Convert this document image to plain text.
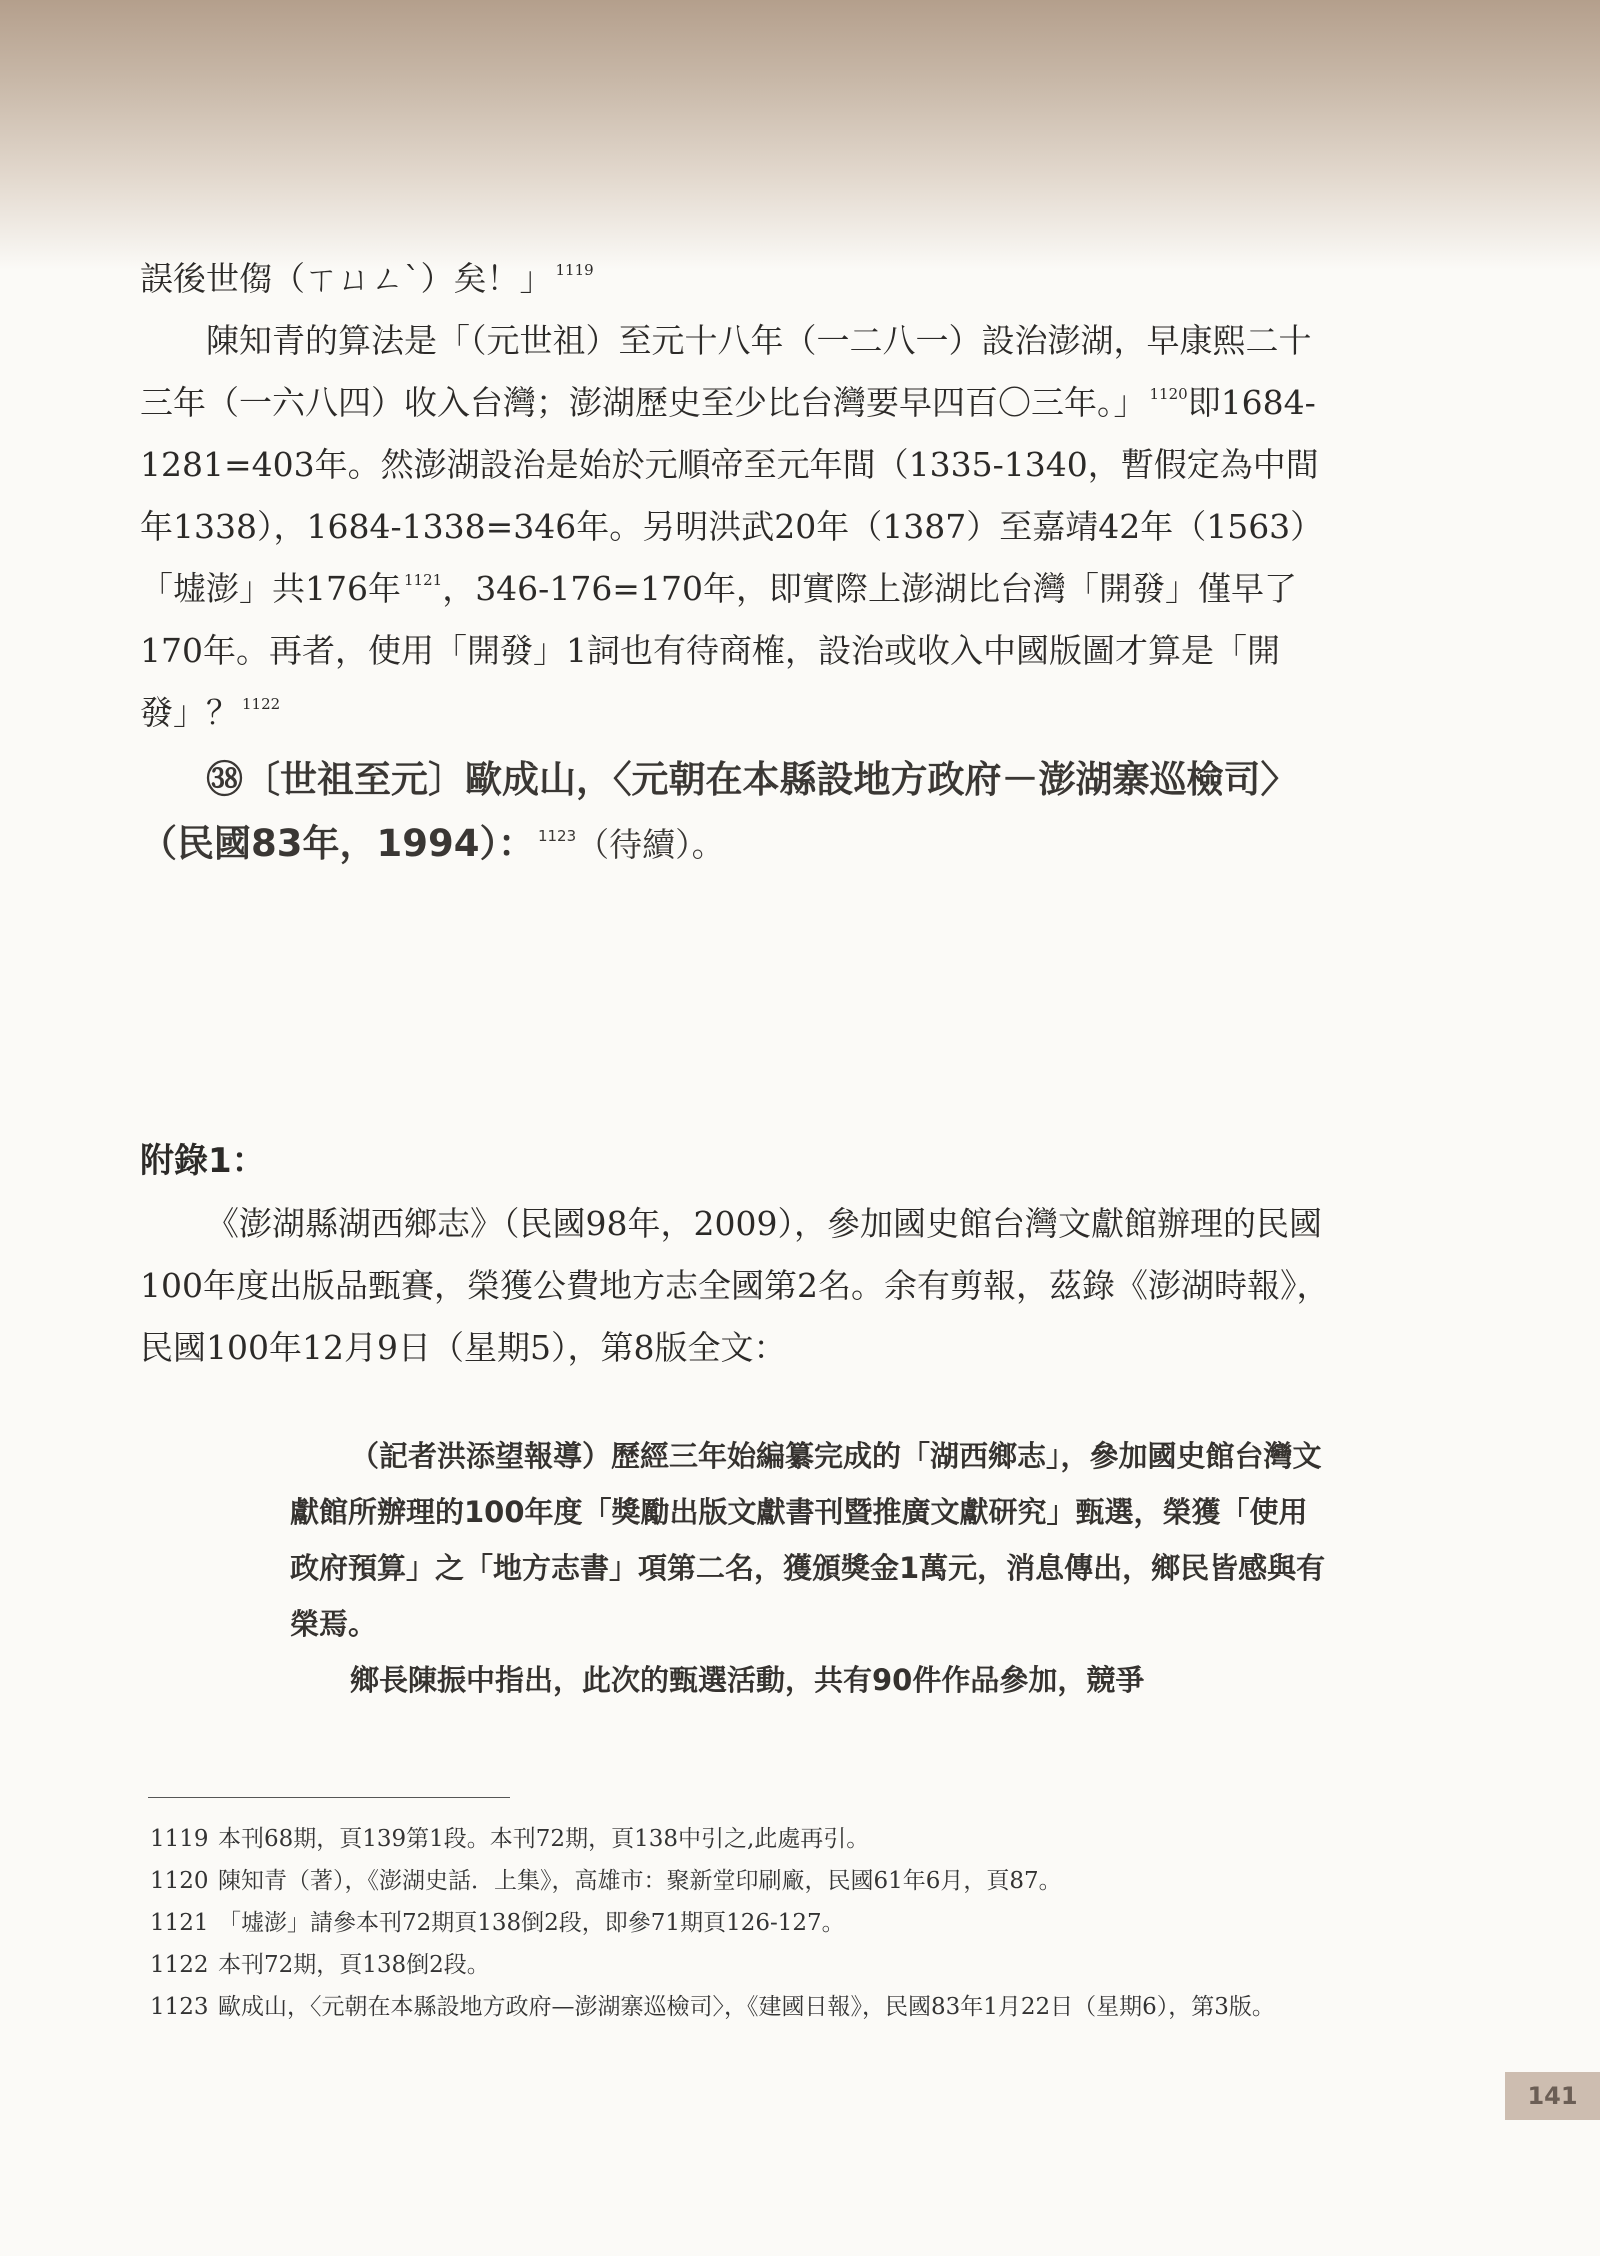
誤後世㑳（ㄒㄩㄥˋ）矣！」 $^{1119}$

陳知青的算法是「（元世祖）至元十八年（一二八一）設治澎湖，早康熙二十三年（一六八四）收入台灣；澎湖歷史至少比台灣要早四百〇三年。」 $^{1120}$即1684-1281=403年。然澎湖設治是始於元順帝至元年間（1335-1340，暫假定為中間年1338），1684-1338=346年。另明洪武20年（1387）至嘉靖42年（1563）「墟澎」共176年 $^{1121}$，346-176=170年，即實際上澎湖比台灣「開發」僅早了170年。再者，使用「開發」1詞也有待商榷，設治或收入中國版圖才算是「開發」？ $^{1122}$

㊳〔世祖至元〕歐成山，〈元朝在本縣設地方政府－澎湖寨巡檢司〉（民國83年，1994）： $^{1123}$（待續）。

附錄1：

《澎湖縣湖西鄉志》（民國98年，2009），參加國史館台灣文獻館辦理的民國100年度出版品甄賽，榮獲公費地方志全國第2名。余有剪報，茲錄《澎湖時報》，民國100年12月9日（星期5），第8版全文：

（記者洪添望報導）歷經三年始編纂完成的「湖西鄉志」，參加國史館台灣文獻館所辦理的100年度「獎勵出版文獻書刊暨推廣文獻研究」甄選，榮獲「使用政府預算」之「地方志書」項第二名，獲頒獎金1萬元，消息傳出，鄉民皆感與有榮焉。

鄉長陳振中指出，此次的甄選活動，共有90件作品參加，競爭

1119 本刊68期，頁139第1段。本刊72期，頁138中引之,此處再引。

1120 陳知青（著），《澎湖史話．上集》，高雄市：聚新堂印刷廠，民國61年6月，頁87。

1121 「墟澎」請參本刊72期頁138倒2段，即參71期頁126-127。

1122 本刊72期，頁138倒2段。

1123 歐成山，〈元朝在本縣設地方政府—澎湖寨巡檢司〉，《建國日報》，民國83年1月22日（星期6），第3版。

141
